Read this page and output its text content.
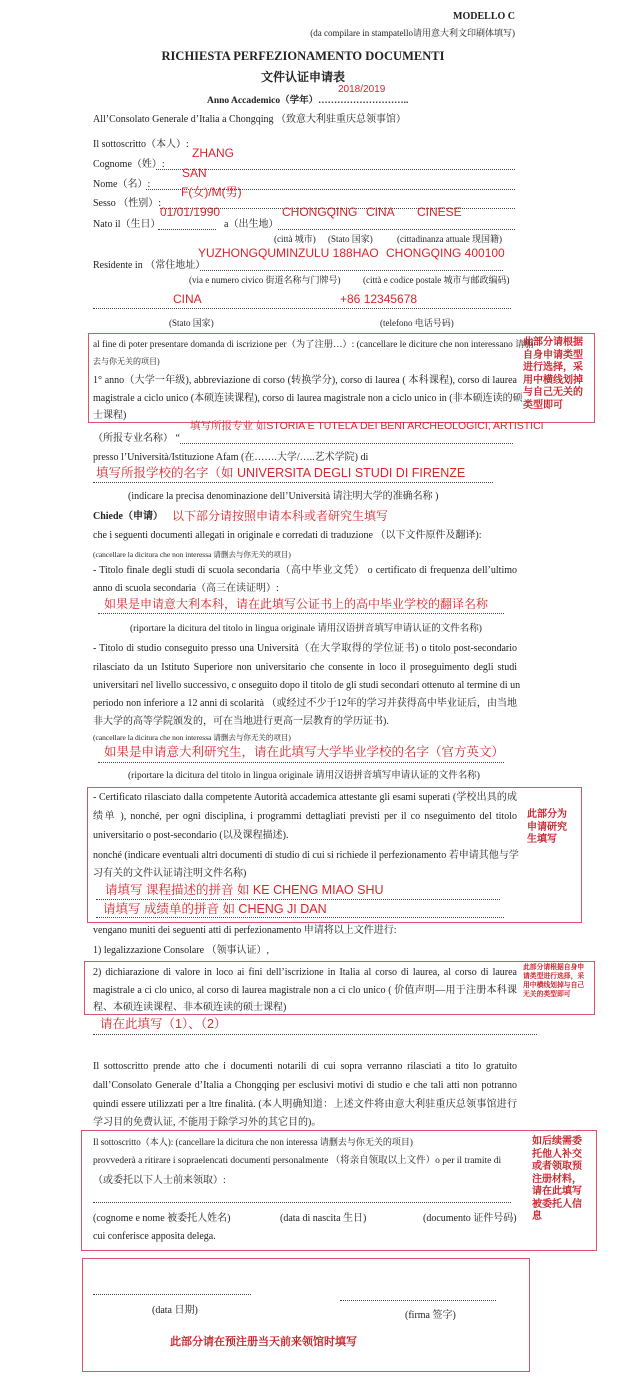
MODELLO C
(da compilare in stampatello请用意大利文印刷体填写)
RICHIESTA PERFEZIONAMENTO DOCUMENTI
文件认证申请表
Anno Accademico（学年）………………………..
2018/2019
All’Consolato Generale d’Italia a Chongqing （致意大利驻重庆总领事馆）
Il sottoscritto（本人）:
Cognome（姓）:
ZHANG
Nome（名）:
SAN
Sesso （性别）:
F(女)/M(男)
Nato il（生日）
01/01/1990
a（出生地）
CHONGQING CINA CINESE
(città 城市) (Stato 国家)	(cittadinanza attuale 现国籍)
Residente in （常住地址）
YUZHONGQUMINZULU 188HAO CHONGQING 400100
(via e numero civico 街道名称与门牌号)	(città e codice postale 城市与邮政编码)
CINA	+86 12345678
(Stato 国家)	(telefono 电话号码)
al fine di poter presentare domanda di iscrizione per（为了注册…）: (cancellare le diciture che non interessano 请删
去与你无关的项目)
1° anno（大学一年级), abbreviazione di corso (转换学分), corso di laurea ( 本科课程), corso di laurea
magistrale a ciclo unico (本硕连读课程), corso di laurea magistrale non a ciclo unico in (非本硕连读的硕
士课程)
此部分请根据
自身申请类型
进行选择，采
用中横线划掉
与自己无关的
类型即可
（所报专业名称） “
填写所报专业 如STORIA E TUTELA DEI BENI ARCHEOLOGICI, ARTISTICI
presso l’Università/Istituzione Afam (在…….大学/…..艺术学院) di
填写所报学校的名字（如 UNIVERSITA DEGLI STUDI DI FIRENZE
(indicare la precisa denominazione dell’Università 请注明大学的准确名称 )
Chiede（申请） 以下部分请按照申请本科或者研究生填写
che i seguenti documenti allegati in originale e corredati di traduzione （以下文件原件及翻译):
(cancellare la dicitura che non interessa 请删去与你无关的项目)
- Titolo finale degli studi di scuola secondaria（高中毕业文凭） o certificato di frequenza dell’ultimo
anno di scuola secondaria（高三在读证明）:
如果是申请意大利本科，请在此填写公证书上的高中毕业学校的翻译名称
(riportare la dicitura del titolo in lingua originale 请用汉语拼音填写申请认证的文件名称)
- Titolo di studio conseguito presso una Università（在大学取得的学位证书) o titolo post-secondario
rilasciato da un Istituto Superiore non universitario che consente in loco il proseguimento degli studi
universitari nel livello successivo, c onseguito dopo il titolo de gli studi secondari ottenuto al termine di un
periodo non inferiore a 12 anni di scolarità （或经过不少于12年的学习并获得高中毕业证后，由当地
非大学的高等学院颁发的，可在当地进行更高一层教育的学历证书).
(cancellare la dicitura che non interessa 请删去与你无关的项目)
如果是申请意大利研究生，请在此填写大学毕业学校的名字（官方英文）
(riportare la dicitura del titolo in lingua originale 请用汉语拼音填写申请认证的文件名称)
- Certificato rilasciato dalla competente Autorità accademica attestante gli esami superati (学校出具的成
绩单 ), nonché, per ogni disciplina, i programmi dettagliati previsti per il co nseguimento del titolo
universitario o post-secondario (以及课程描述).
nonché (indicare eventuali altri documenti di studio di cui si richiede il perfezionamento 若申请其他与学
习有关的文件认证请注明文件名称)
此部分为
申请研究
生填写
请填写 课程描述的拼音 如 KE CHENG MIAO SHU
请填写 成绩单的拼音 如 CHENG JI DAN
vengano muniti dei seguenti atti di perfezionamento 申请将以上文件进行:
1) legalizzazione Consolare （领事认证）,
2) dichiarazione di valore in loco ai fini dell’iscrizione in Italia al corso di laurea, al corso di laurea
magistrale a ci clo unico, al corso di laurea magistrale non a ci clo unico ( 价值声明—用于注册本科课
程、本硕连读课程、非本硕连读的硕士课程)
此部分请根据自身申
请类型进行选择，采
用中横线划掉与自己
无关的类型即可
请在此填写（1）、（2）
Il sottoscritto prende atto che i documenti notarili di cui sopra verranno rilasciati a tito lo gratuito
dall’Consolato Generale d’Italia a Chongqing per esclusivi motivi di studio e che tali atti non potranno
quindi essere utilizzati per a ltre finalità. (本人明确知道：上述文件将由意大利驻重庆总领事馆进行
学习目的免费认证, 不能用于除学习外的其它目的)。
Il sottoscritto（本人): (cancellare la dicitura che non interessa 请删去与你无关的项目)
provvederà a ritirare i sopraelencati documenti personalmente （将亲自领取以上文件）o per il tramite di
（或委托以下人士前来领取）:
(cognome e nome 被委托人姓名)	(data di nascita 生日)	(documento 证件号码)
cui conferisce apposita delega.
如后续需委
托他人补交
或者领取预
注册材料，
请在此填写
被委托人信
息
(data 日期)	(firma 签字)
此部分请在预注册当天前来领馆时填写
